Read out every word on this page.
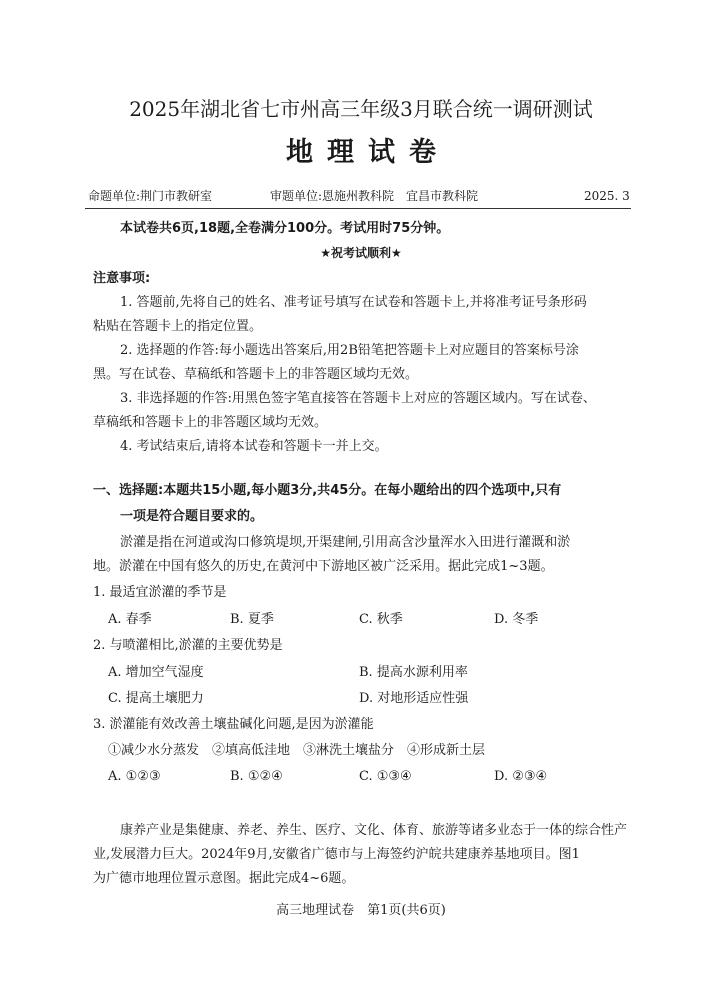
2025年湖北省七市州高三年级3月联合统一调研测试
地理试卷
命题单位:荆门市教研室	审题单位:恩施州教科院　宜昌市教科院	2025. 3
本试卷共6页,18题,全卷满分100分。考试用时75分钟。
★祝考试顺利★
注意事项:
1. 答题前,先将自己的姓名、准考证号填写在试卷和答题卡上,并将准考证号条形码
粘贴在答题卡上的指定位置。
2. 选择题的作答:每小题选出答案后,用2B铅笔把答题卡上对应题目的答案标号涂
黑。写在试卷、草稿纸和答题卡上的非答题区域均无效。
3. 非选择题的作答:用黑色签字笔直接答在答题卡上对应的答题区域内。写在试卷、
草稿纸和答题卡上的非答题区域均无效。
4. 考试结束后,请将本试卷和答题卡一并上交。
一、选择题:本题共15小题,每小题3分,共45分。在每小题给出的四个选项中,只有
一项是符合题目要求的。
淤灌是指在河道或沟口修筑堤坝,开渠建闸,引用高含沙量浑水入田进行灌溉和淤
地。淤灌在中国有悠久的历史,在黄河中下游地区被广泛采用。据此完成1~3题。
1. 最适宜淤灌的季节是
A. 春季	B. 夏季	C. 秋季	D. 冬季
2. 与喷灌相比,淤灌的主要优势是
A. 增加空气湿度	B. 提高水源利用率
C. 提高土壤肥力	D. 对地形适应性强
3. 淤灌能有效改善土壤盐碱化问题,是因为淤灌能
①减少水分蒸发　②填高低洼地　③淋洗土壤盐分　④形成新土层
A. ①②③	B. ①②④	C. ①③④	D. ②③④
康养产业是集健康、养老、养生、医疗、文化、体育、旅游等诸多业态于一体的综合性产
业,发展潜力巨大。2024年9月,安徽省广德市与上海签约沪皖共建康养基地项目。图1
为广德市地理位置示意图。据此完成4~6题。
高三地理试卷　第1页(共6页)
